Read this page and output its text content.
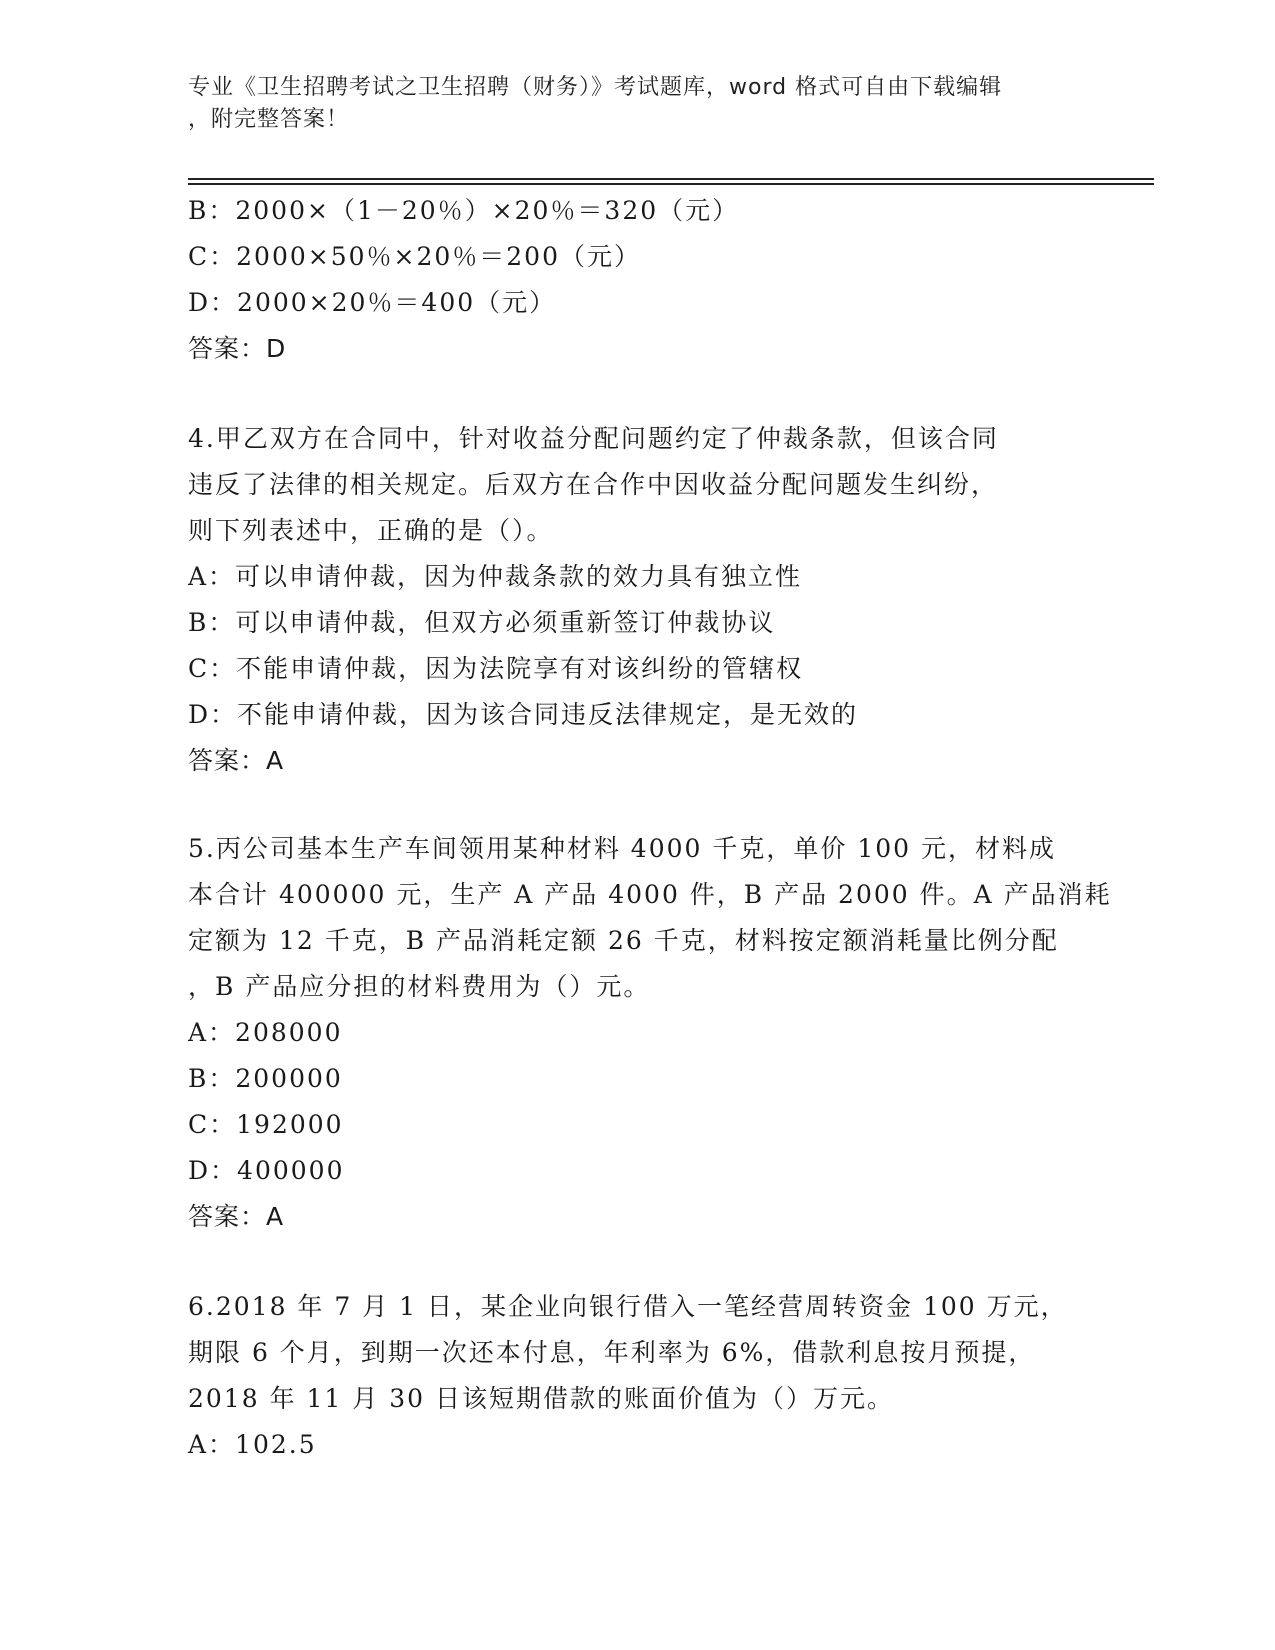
专业《卫生招聘考试之卫生招聘（财务）》考试题库，word 格式可自由下载编辑
，附完整答案！
B：2000×（1－20％）×20％＝320（元）
C：2000×50％×20％＝200（元）
D：2000×20％＝400（元）
答案：D
4.甲乙双方在合同中，针对收益分配问题约定了仲裁条款，但该合同
违反了法律的相关规定。后双方在合作中因收益分配问题发生纠纷，
则下列表述中，正确的是（）。
A：可以申请仲裁，因为仲裁条款的效力具有独立性
B：可以申请仲裁，但双方必须重新签订仲裁协议
C：不能申请仲裁，因为法院享有对该纠纷的管辖权
D：不能申请仲裁，因为该合同违反法律规定，是无效的
答案：A
5.丙公司基本生产车间领用某种材料 4000 千克，单价 100 元，材料成
本合计 400000 元，生产 A 产品 4000 件，B 产品 2000 件。A 产品消耗
定额为 12 千克，B 产品消耗定额 26 千克，材料按定额消耗量比例分配
，B 产品应分担的材料费用为（）元。
A：208000
B：200000
C：192000
D：400000
答案：A
6.2018 年 7 月 1 日，某企业向银行借入一笔经营周转资金 100 万元，
期限 6 个月，到期一次还本付息，年利率为 6%，借款利息按月预提，
2018 年 11 月 30 日该短期借款的账面价值为（）万元。
A：102.5
